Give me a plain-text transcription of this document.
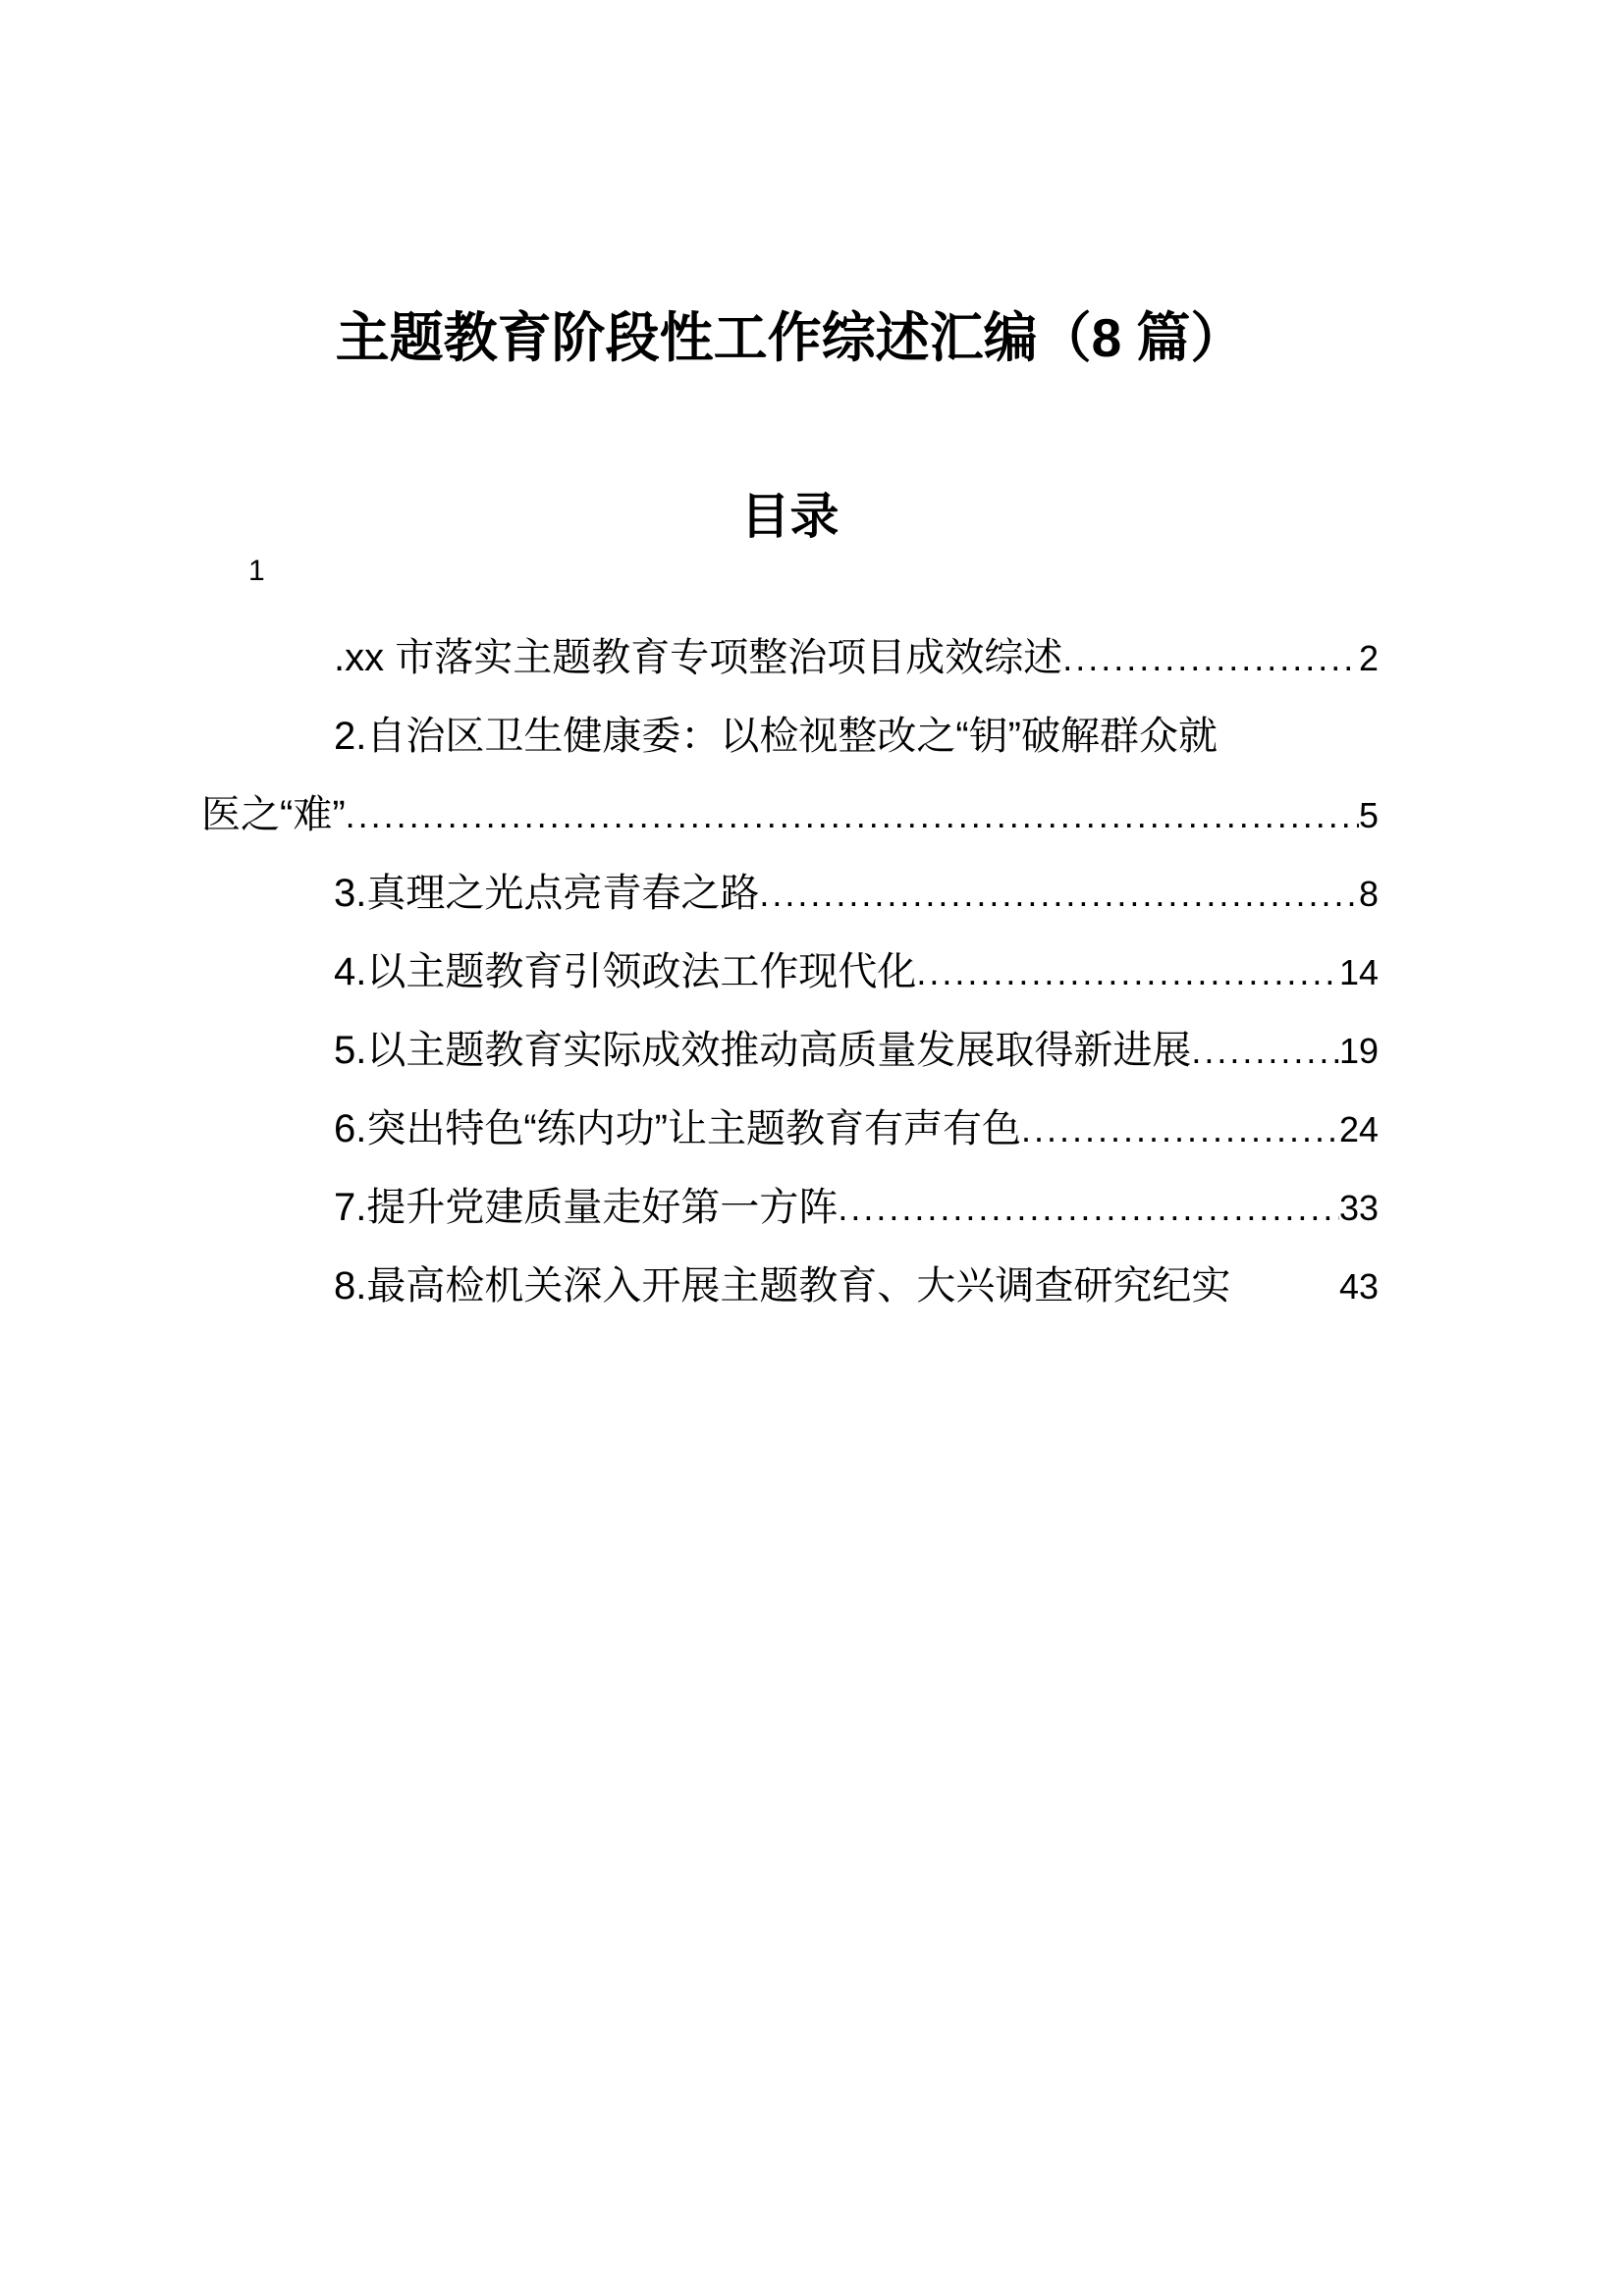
主题教育阶段性工作综述汇编（8 篇）
目录
1
.xx 市落实主题教育专项整治项目成效综述 .....	2
2.自治区卫生健康委：以检视整改之“钥”破解群众就
医之“难” .....	5
3.真理之光点亮青春之路 .....	8
4.以主题教育引领政法工作现代化 .....	14
5.以主题教育实际成效推动高质量发展取得新进展 .....	19
6.突出特色“练内功”让主题教育有声有色 .....	24
7.提升党建质量走好第一方阵 .....	33
8.最高检机关深入开展主题教育、大兴调查研究纪实	43
